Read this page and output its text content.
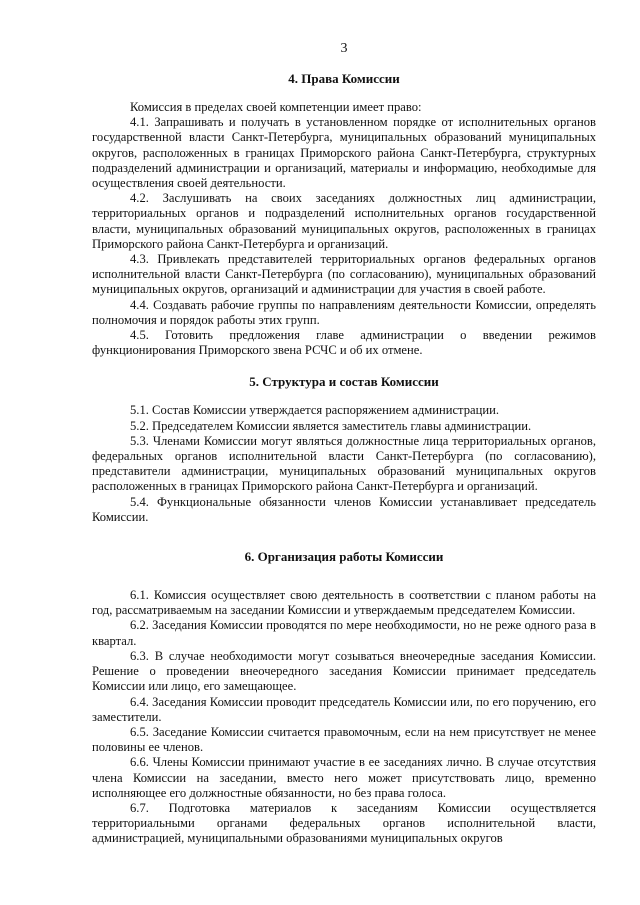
3
4. Права Комиссии

Комиссия в пределах своей компетенции имеет право:

4.1. Запрашивать и получать в установленном порядке от исполнительных органов государственной власти Санкт-Петербурга, муниципальных образований муниципальных округов, расположенных в границах Приморского района Санкт-Петербурга, структурных подразделений администрации и организаций, материалы и информацию, необходимые для осуществления своей деятельности.

4.2. Заслушивать на своих заседаниях должностных лиц администрации, территориальных органов и подразделений исполнительных органов государственной власти, муниципальных образований муниципальных округов, расположенных в границах Приморского района Санкт-Петербурга и организаций.

4.3. Привлекать представителей территориальных органов федеральных органов исполнительной власти Санкт-Петербурга (по согласованию), муниципальных образований муниципальных округов, организаций и администрации для участия в своей работе.

4.4. Создавать рабочие группы по направлениям деятельности Комиссии, определять полномочия и порядок работы этих групп.

4.5. Готовить предложения главе администрации о введении режимов функционирования Приморского звена РСЧС и об их отмене.

5. Структура и состав Комиссии

5.1. Состав Комиссии утверждается распоряжением администрации.

5.2. Председателем Комиссии является заместитель главы администрации.

5.3. Членами Комиссии могут являться должностные лица территориальных органов, федеральных органов исполнительной власти Санкт-Петербурга (по согласованию), представители администрации, муниципальных образований муниципальных округов расположенных в границах Приморского района Санкт-Петербурга и организаций.

5.4. Функциональные обязанности членов Комиссии устанавливает председатель Комиссии.

6. Организация работы Комиссии

6.1. Комиссия осуществляет свою деятельность в соответствии с планом работы на год, рассматриваемым на заседании Комиссии и утверждаемым председателем Комиссии.

6.2. Заседания Комиссии проводятся по мере необходимости, но не реже одного раза в квартал.

6.3. В случае необходимости могут созываться внеочередные заседания Комиссии. Решение о проведении внеочередного заседания Комиссии принимает председатель Комиссии или лицо, его замещающее.

6.4. Заседания Комиссии проводит председатель Комиссии или, по его поручению, его заместители.

6.5. Заседание Комиссии считается правомочным, если на нем присутствует не менее половины ее членов.

6.6. Члены Комиссии принимают участие в ее заседаниях лично. В случае отсутствия члена Комиссии на заседании, вместо него может присутствовать лицо, временно исполняющее его должностные обязанности, но без права голоса.

6.7. Подготовка материалов к заседаниям Комиссии осуществляется территориальными органами федеральных органов исполнительной власти, администрацией, муниципальными образованиями муниципальных округов
